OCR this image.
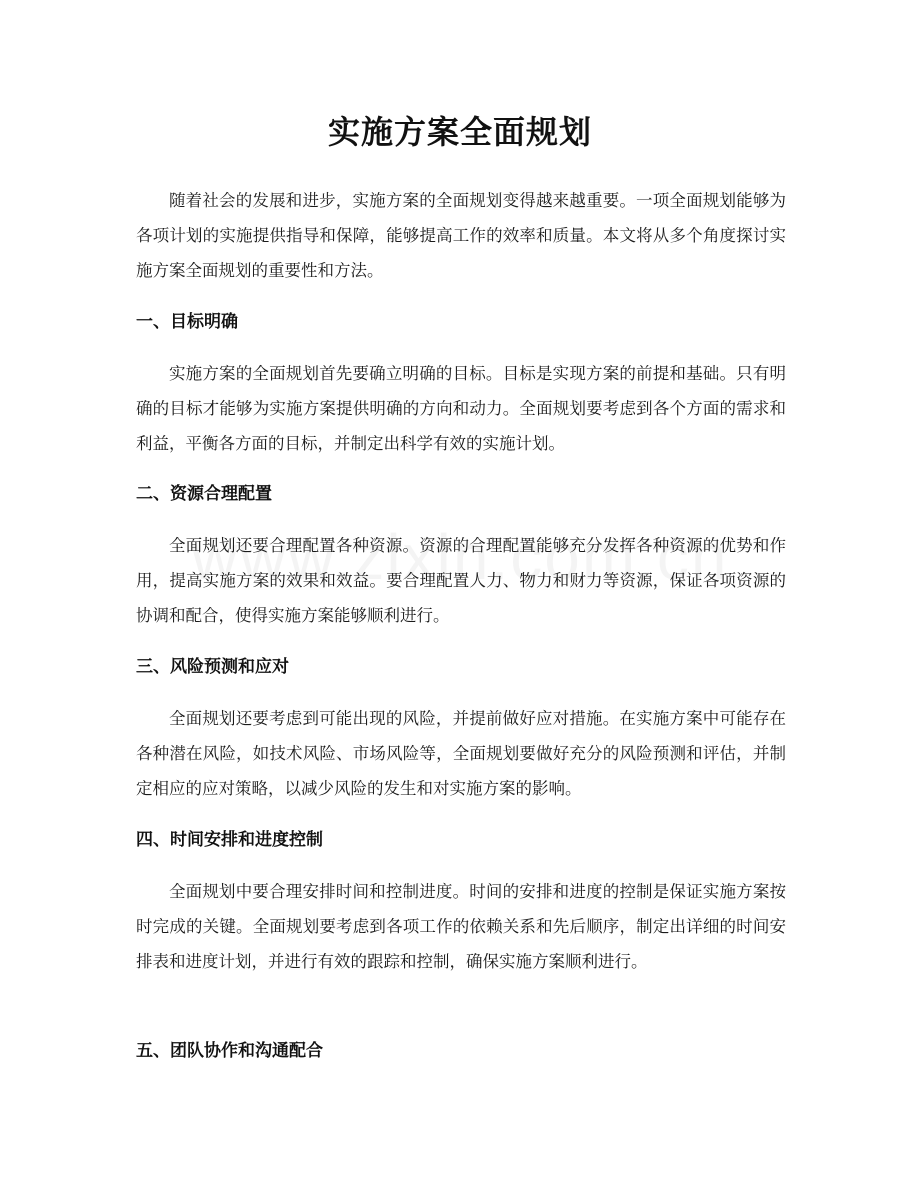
实施方案全面规划

随着社会的发展和进步，实施方案的全面规划变得越来越重要。一项全面规划能够为各项计划的实施提供指导和保障，能够提高工作的效率和质量。本文将从多个角度探讨实施方案全面规划的重要性和方法。

一、目标明确

实施方案的全面规划首先要确立明确的目标。目标是实现方案的前提和基础。只有明确的目标才能够为实施方案提供明确的方向和动力。全面规划要考虑到各个方面的需求和利益，平衡各方面的目标，并制定出科学有效的实施计划。

二、资源合理配置

全面规划还要合理配置各种资源。资源的合理配置能够充分发挥各种资源的优势和作用，提高实施方案的效果和效益。要合理配置人力、物力和财力等资源，保证各项资源的协调和配合，使得实施方案能够顺利进行。

三、风险预测和应对

全面规划还要考虑到可能出现的风险，并提前做好应对措施。在实施方案中可能存在各种潜在风险，如技术风险、市场风险等，全面规划要做好充分的风险预测和评估，并制定相应的应对策略，以减少风险的发生和对实施方案的影响。

四、时间安排和进度控制

全面规划中要合理安排时间和控制进度。时间的安排和进度的控制是保证实施方案按时完成的关键。全面规划要考虑到各项工作的依赖关系和先后顺序，制定出详细的时间安排表和进度计划，并进行有效的跟踪和控制，确保实施方案顺利进行。

五、团队协作和沟通配合
